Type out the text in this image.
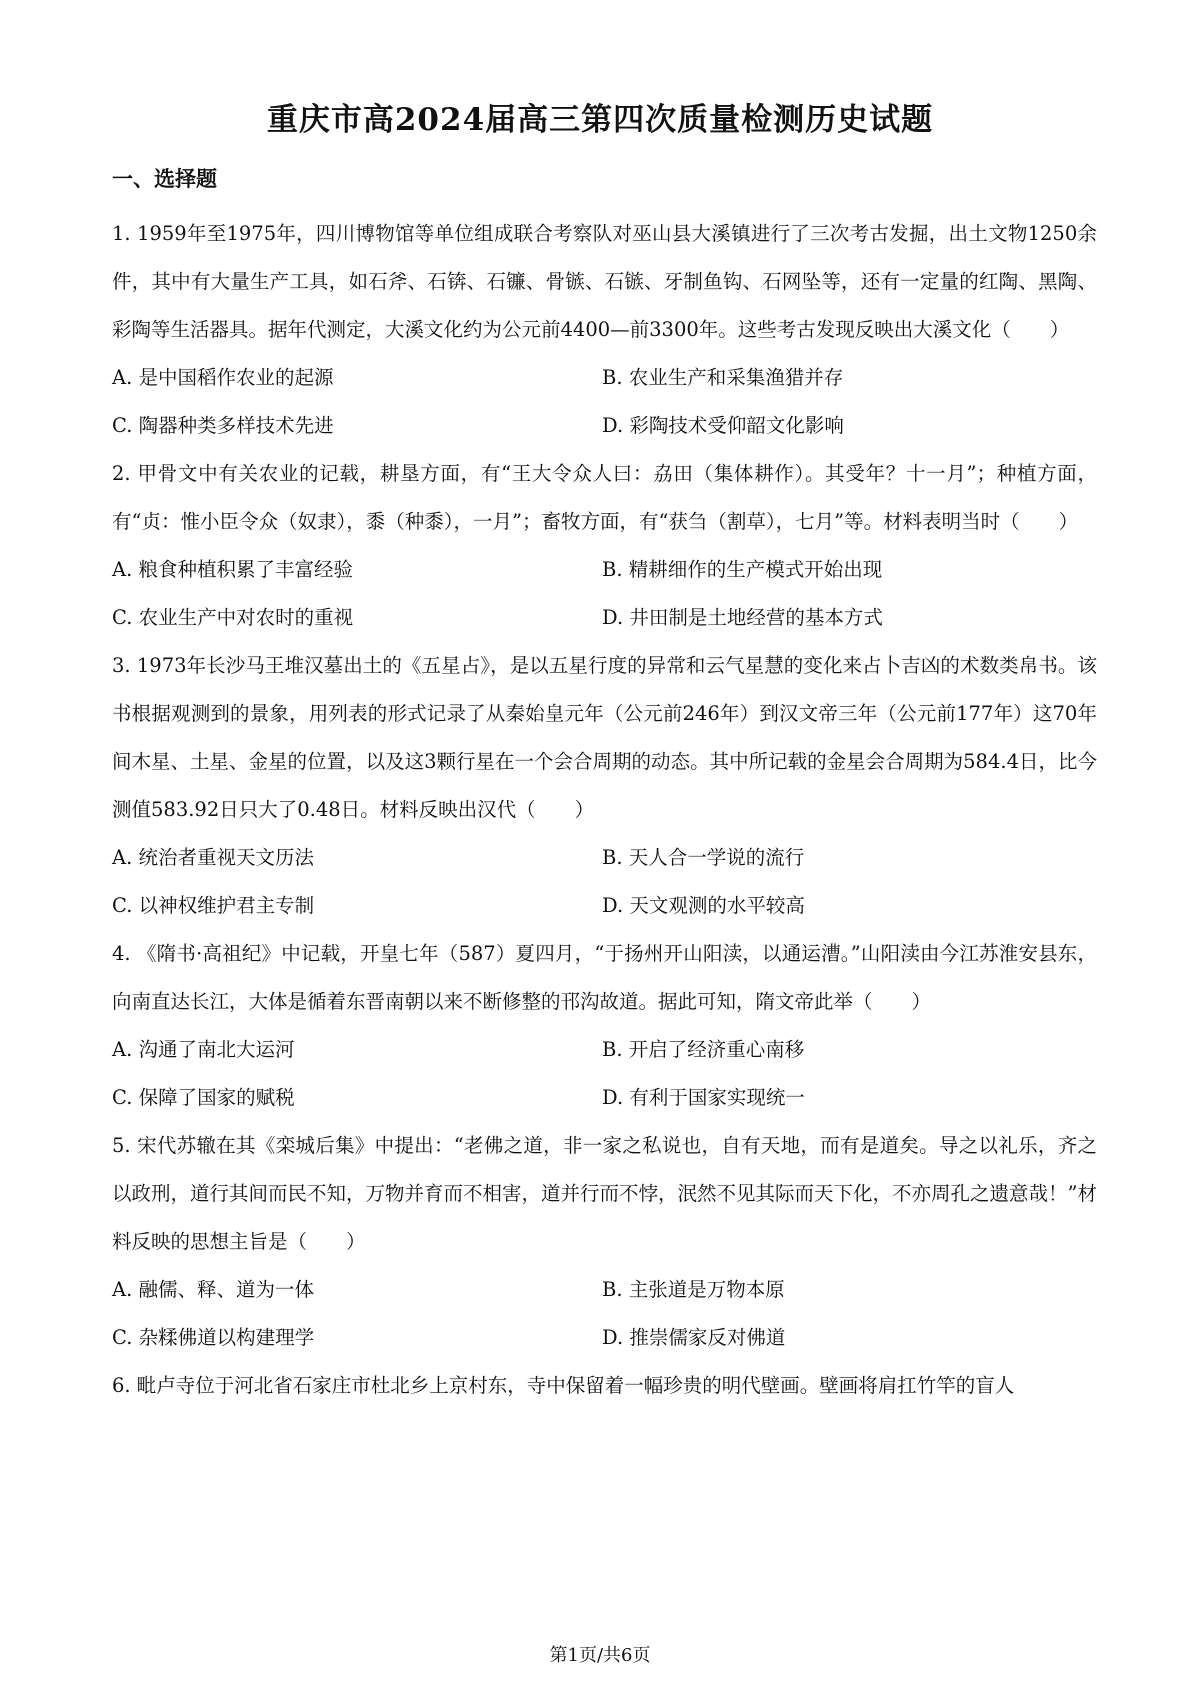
重庆市高2024届高三第四次质量检测历史试题
一、选择题

1. 1959年至1975年，四川博物馆等单位组成联合考察队对巫山县大溪镇进行了三次考古发掘，出土文物1250余件，其中有大量生产工具，如石斧、石锛、石镰、骨镞、石镞、牙制鱼钩、石网坠等，还有一定量的红陶、黑陶、彩陶等生活器具。据年代测定，大溪文化约为公元前4400—前3300年。这些考古发现反映出大溪文化（　　）

A. 是中国稻作农业的起源	B. 农业生产和采集渔猎并存
C. 陶器种类多样技术先进	D. 彩陶技术受仰韶文化影响

2. 甲骨文中有关农业的记载，耕垦方面，有“王大令众人曰：劦田（集体耕作）。其受年？十一月”；种植方面，有“贞：惟小臣令众（奴隶），黍（种黍），一月”；畜牧方面，有“获刍（割草），七月”等。材料表明当时（　　）

A. 粮食种植积累了丰富经验	B. 精耕细作的生产模式开始出现
C. 农业生产中对农时的重视	D. 井田制是土地经营的基本方式

3. 1973年长沙马王堆汉墓出土的《五星占》，是以五星行度的异常和云气星慧的变化来占卜吉凶的术数类帛书。该书根据观测到的景象，用列表的形式记录了从秦始皇元年（公元前246年）到汉文帝三年（公元前177年）这70年间木星、土星、金星的位置，以及这3颗行星在一个会合周期的动态。其中所记载的金星会合周期为584.4日，比今测值583.92日只大了0.48日。材料反映出汉代（　　）

A. 统治者重视天文历法	B. 天人合一学说的流行
C. 以神权维护君主专制	D. 天文观测的水平较高

4. 《隋书·高祖纪》中记载，开皇七年（587）夏四月，“于扬州开山阳渎，以通运漕。”山阳渎由今江苏淮安县东，向南直达长江，大体是循着东晋南朝以来不断修整的邗沟故道。据此可知，隋文帝此举（　　）

A. 沟通了南北大运河	B. 开启了经济重心南移
C. 保障了国家的赋税	D. 有利于国家实现统一

5. 宋代苏辙在其《栾城后集》中提出：“老佛之道，非一家之私说也，自有天地，而有是道矣。导之以礼乐，齐之以政刑，道行其间而民不知，万物并育而不相害，道并行而不悖，泯然不见其际而天下化，不亦周孔之遗意哉！”材料反映的思想主旨是（　　）

A. 融儒、释、道为一体	B. 主张道是万物本原
C. 杂糅佛道以构建理学	D. 推崇儒家反对佛道

6. 毗卢寺位于河北省石家庄市杜北乡上京村东，寺中保留着一幅珍贵的明代壁画。壁画将肩扛竹竿的盲人

第1页/共6页
